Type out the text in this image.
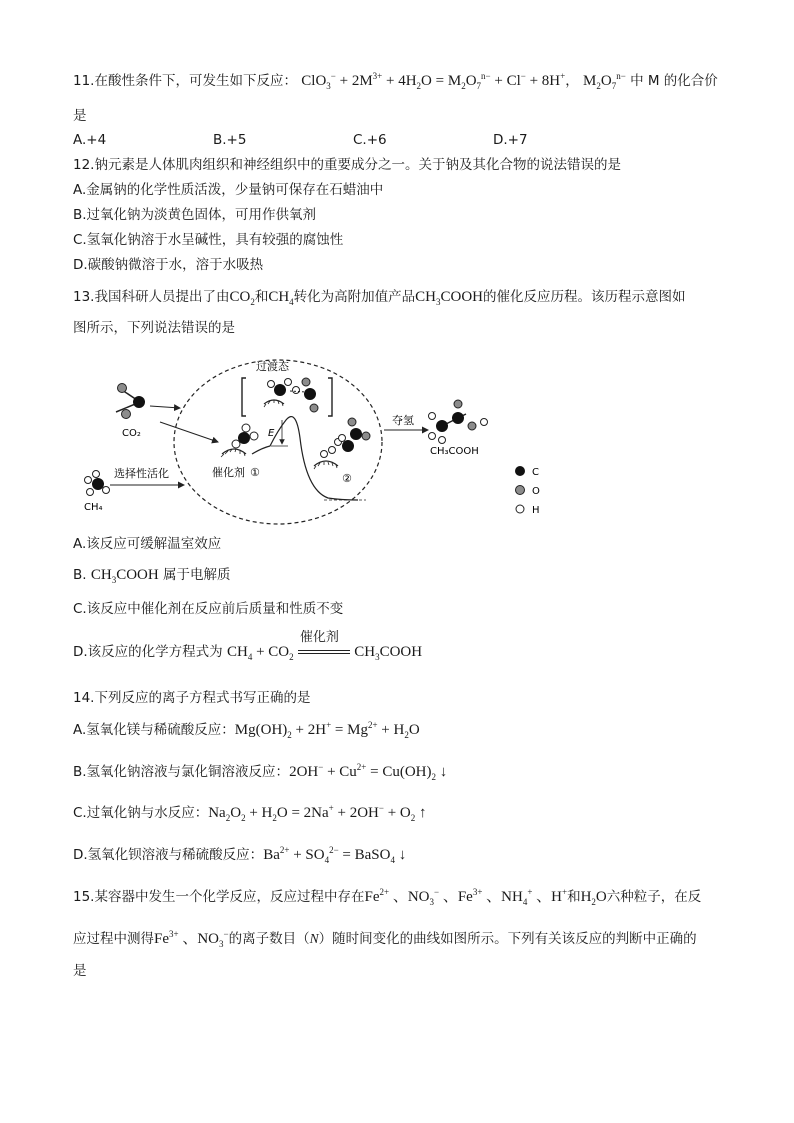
11.在酸性条件下，可发生如下反应： $ClO_3^- + 2M^{3+} + 4H_2O = M_2O_7^{n-} + Cl^- + 8H^+$， $M_2O_7^{n-}$ 中 M 的化合价
是
A.+4	B.+5	C.+6	D.+7
12.钠元素是人体肌肉组织和神经组织中的重要成分之一。关于钠及其化合物的说法错误的是
A.金属钠的化学性质活泼，少量钠可保存在石蜡油中
B.过氧化钠为淡黄色固体，可用作供氧剂
C.氢氧化钠溶于水呈碱性，具有较强的腐蚀性
D.碳酸钠微溶于水，溶于水吸热
13.我国科研人员提出了由$CO_2$和$CH_4$转化为高附加值产品$CH_3COOH$的催化反应历程。该历程示意图如
图所示，下列说法错误的是
CO₂
CH₄
选择性活化	催化剂 ①
过渡态
E
②
夺氢
CH₃COOH
C
O
H
A.该反应可缓解温室效应
B. $CH_3COOH$ 属于电解质
C.该反应中催化剂在反应前后质量和性质不变
D.该反应的化学方程式为 $CH_4 + CO_2$
催化剂
$CH_3COOH$
14.下列反应的离子方程式书写正确的是
A.氢氧化镁与稀硫酸反应：$Mg(OH)_2 + 2H^+ = Mg^{2+} + H_2O$
B.氢氧化钠溶液与氯化铜溶液反应：$2OH^- + Cu^{2+} = Cu(OH)_2$ ↓
C.过氧化钠与水反应：$Na_2O_2 + H_2O = 2Na^+ + 2OH^- + O_2$ ↑
D.氢氧化钡溶液与稀硫酸反应：$Ba^{2+} + SO_4^{2-}$ = BaSO$_4$ ↓
15.某容器中发生一个化学反应，反应过程中存在$Fe^{2+}$ 、$NO_3^-$ 、$Fe^{3+}$ 、$NH_4^+$ 、H+和$H_2O$六种粒子，在反
应过程中测得$Fe^{3+}$ 、$NO_3^-$的离子数目（N）随时间变化的曲线如图所示。下列有关该反应的判断中正确的
是
